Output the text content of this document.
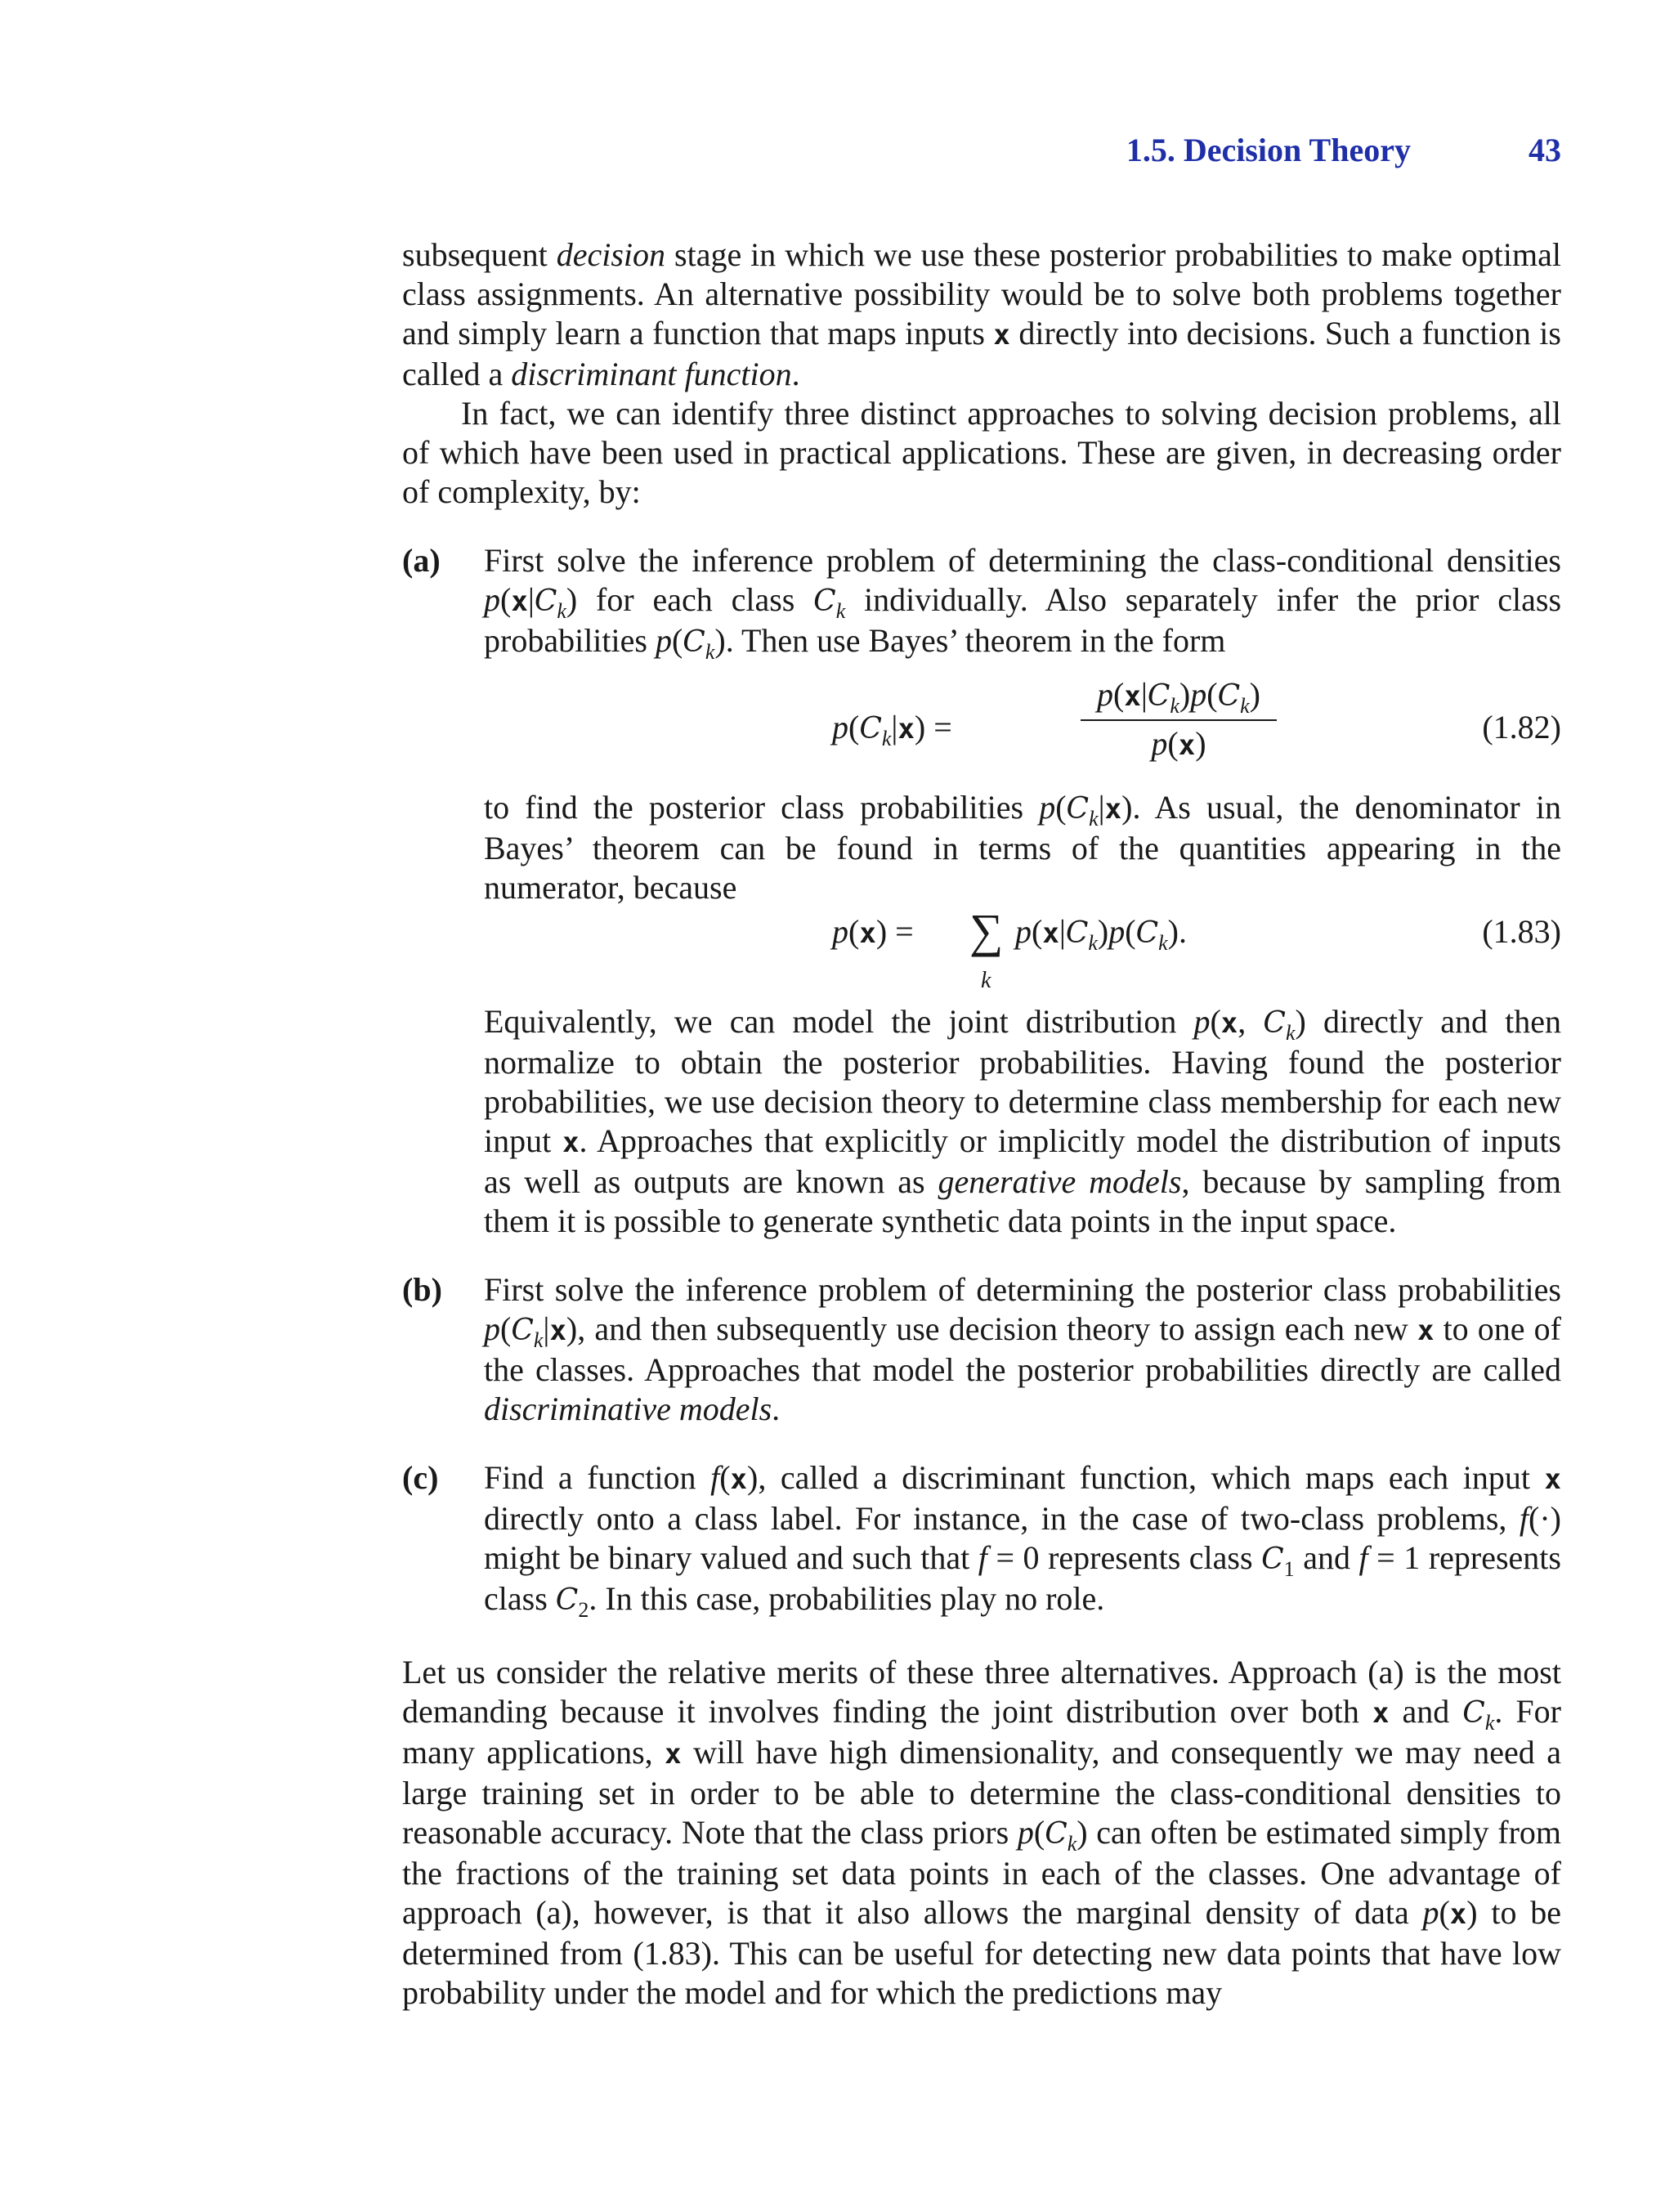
1.5. Decision Theory	43

subsequent decision stage in which we use these posterior probabilities to make optimal class assignments. An alternative possibility would be to solve both problems together and simply learn a function that maps inputs x directly into decisions. Such a function is called a discriminant function.

In fact, we can identify three distinct approaches to solving decision problems, all of which have been used in practical applications. These are given, in decreasing order of complexity, by:

(a) First solve the inference problem of determining the class-conditional densities $p(x|C_k)$ for each class $C_k$ individually. Also separately infer the prior class probabilities $p(C_k)$. Then use Bayes’ theorem in the form

$p(C_k|x)$ =	$\frac{p(x|C_k)p(C_k)}{p(x)}$	(1.82)

to find the posterior class probabilities $p(C_k|x)$. As usual, the denominator in Bayes’ theorem can be found in terms of the quantities appearing in the numerator, because

p(x) = ∑
k
$p(x|C_k)p(C_k)$.	(1.83)

Equivalently, we can model the joint distribution p(x, $C_k$) directly and then normalize to obtain the posterior probabilities. Having found the posterior probabilities, we use decision theory to determine class membership for each new input x. Approaches that explicitly or implicitly model the distribution of inputs as well as outputs are known as generative models, because by sampling from them it is possible to generate synthetic data points in the input space.

(b) First solve the inference problem of determining the posterior class probabilities $p(C_k|x)$, and then subsequently use decision theory to assign each new x to one of the classes. Approaches that model the posterior probabilities directly are called discriminative models.

(c) Find a function f(x), called a discriminant function, which maps each input x directly onto a class label. For instance, in the case of two-class problems, f(·) might be binary valued and such that f = 0 represents class $C_1$ and f = 1 represents class $C_2$. In this case, probabilities play no role.

Let us consider the relative merits of these three alternatives. Approach (a) is the most demanding because it involves finding the joint distribution over both x and $C_k$. For many applications, x will have high dimensionality, and consequently we may need a large training set in order to be able to determine the class-conditional densities to reasonable accuracy. Note that the class priors $p(C_k)$ can often be estimated simply from the fractions of the training set data points in each of the classes. One advantage of approach (a), however, is that it also allows the marginal density of data p(x) to be determined from (1.83). This can be useful for detecting new data points that have low probability under the model and for which the predictions may
